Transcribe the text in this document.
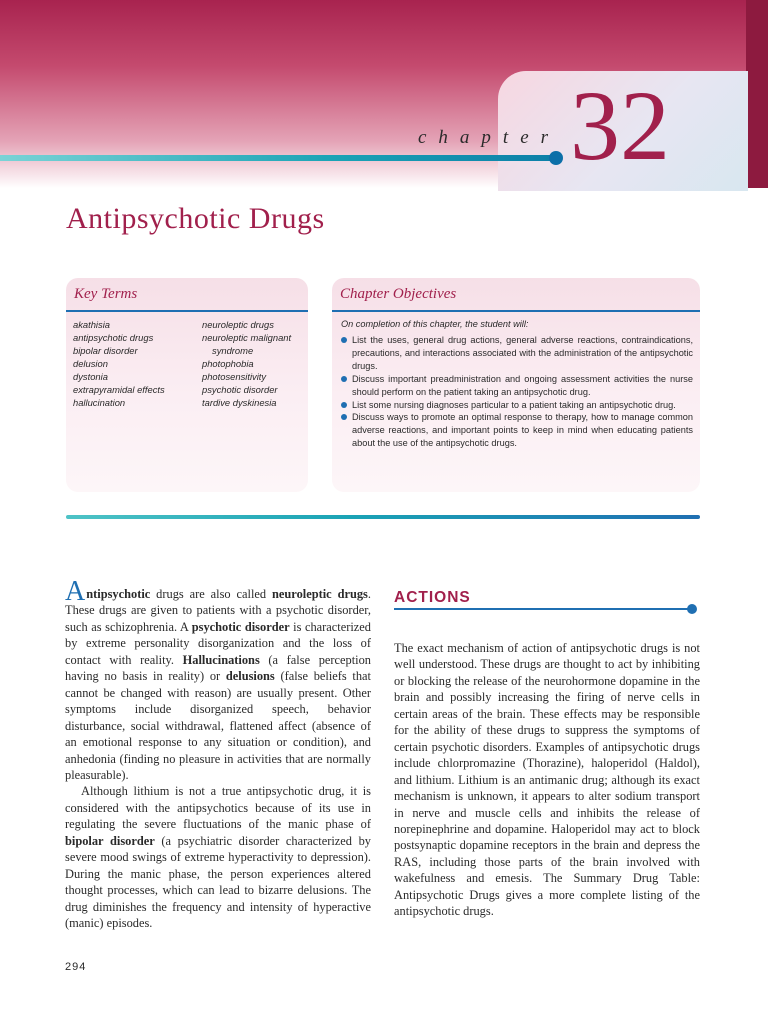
chapter 32
Antipsychotic Drugs
Key Terms
akathisia
antipsychotic drugs
bipolar disorder
delusion
dystonia
extrapyramidal effects
hallucination
neuroleptic drugs
neuroleptic malignant
syndrome
photophobia
photosensitivity
psychotic disorder
tardive dyskinesia
Chapter Objectives
On completion of this chapter, the student will:
List the uses, general drug actions, general adverse reactions, contraindications, precautions, and interactions associated with the administration of the antipsychotic drugs.
Discuss important preadministration and ongoing assessment activities the nurse should perform on the patient taking an antipsychotic drug.
List some nursing diagnoses particular to a patient taking an antipsychotic drug.
Discuss ways to promote an optimal response to therapy, how to manage common adverse reactions, and important points to keep in mind when educating patients about the use of the antipsychotic drugs.

Antipsychotic drugs are also called neuroleptic drugs. These drugs are given to patients with a psychotic disorder, such as schizophrenia. A psychotic disorder is characterized by extreme personality disorganization and the loss of contact with reality. Hallucinations (a false perception having no basis in reality) or delusions (false beliefs that cannot be changed with reason) are usually present. Other symptoms include disorganized speech, behavior disturbance, social withdrawal, flattened affect (absence of an emotional response to any situation or condition), and anhedonia (finding no pleasure in activities that are normally pleasurable).

Although lithium is not a true antipsychotic drug, it is considered with the antipsychotics because of its use in regulating the severe fluctuations of the manic phase of bipolar disorder (a psychiatric disorder characterized by severe mood swings of extreme hyperactivity to depression). During the manic phase, the person experiences altered thought processes, which can lead to bizarre delusions. The drug diminishes the frequency and intensity of hyperactive (manic) episodes.

ACTIONS

The exact mechanism of action of antipsychotic drugs is not well understood. These drugs are thought to act by inhibiting or blocking the release of the neurohormone dopamine in the brain and possibly increasing the firing of nerve cells in certain areas of the brain. These effects may be responsible for the ability of these drugs to suppress the symptoms of certain psychotic disorders. Examples of antipsychotic drugs include chlorpromazine (Thorazine), haloperidol (Haldol), and lithium. Lithium is an antimanic drug; although its exact mechanism is unknown, it appears to alter sodium transport in nerve and muscle cells and inhibits the release of norepinephrine and dopamine. Haloperidol may act to block postsynaptic dopamine receptors in the brain and depress the RAS, including those parts of the brain involved with wakefulness and emesis. The Summary Drug Table: Antipsychotic Drugs gives a more complete listing of the antipsychotic drugs.

294
